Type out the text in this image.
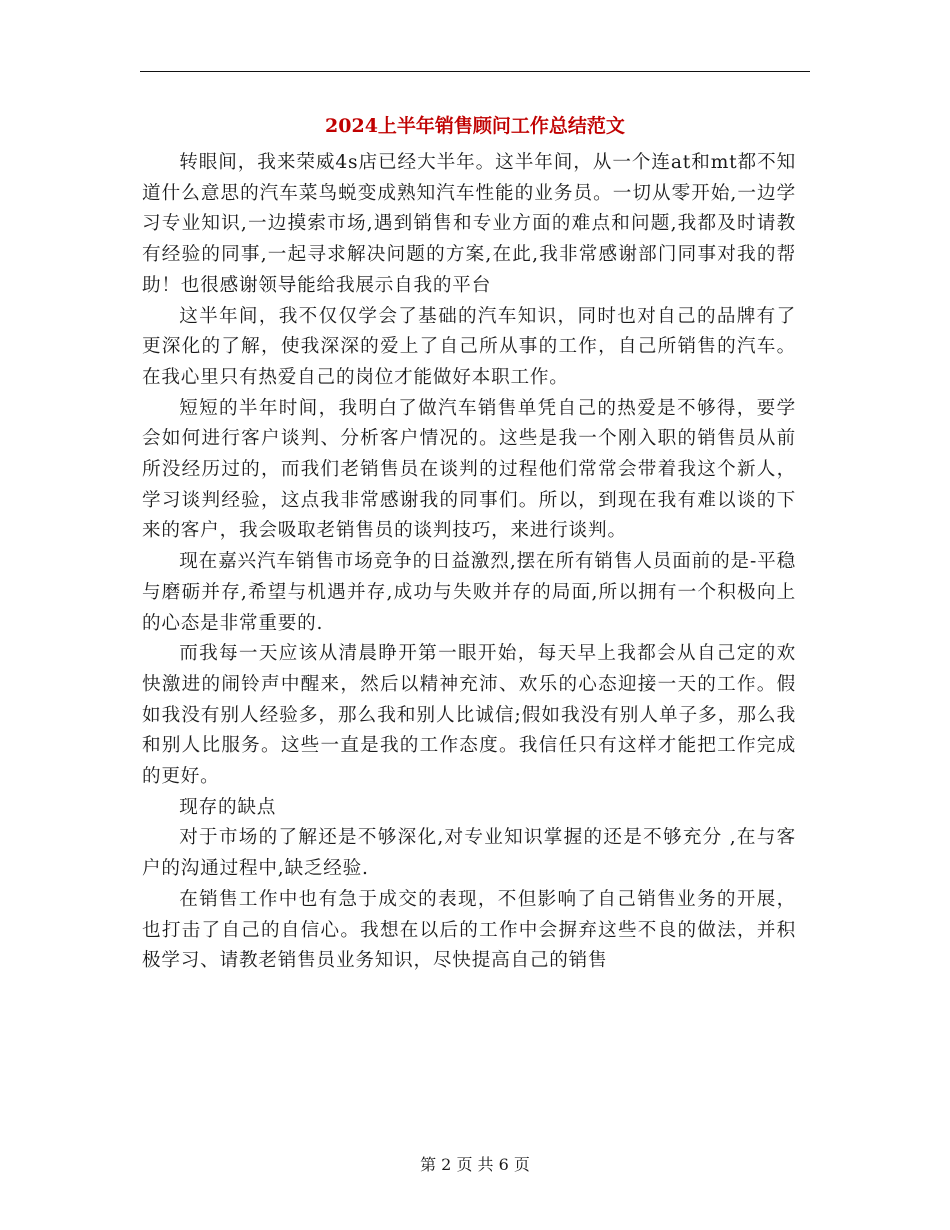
2024上半年销售顾问工作总结范文

转眼间，我来荣威4s店已经大半年。这半年间，从一个连at和mt都不知道什么意思的汽车菜鸟蜕变成熟知汽车性能的业务员。一切从零开始,一边学习专业知识,一边摸索市场,遇到销售和专业方面的难点和问题,我都及时请教有经验的同事,一起寻求解决问题的方案,在此,我非常感谢部门同事对我的帮助！也很感谢领导能给我展示自我的平台

这半年间，我不仅仅学会了基础的汽车知识，同时也对自己的品牌有了更深化的了解，使我深深的爱上了自己所从事的工作，自己所销售的汽车。在我心里只有热爱自己的岗位才能做好本职工作。

短短的半年时间，我明白了做汽车销售单凭自己的热爱是不够得，要学会如何进行客户谈判、分析客户情况的。这些是我一个刚入职的销售员从前所没经历过的，而我们老销售员在谈判的过程他们常常会带着我这个新人，学习谈判经验，这点我非常感谢我的同事们。所以，到现在我有难以谈的下来的客户，我会吸取老销售员的谈判技巧，来进行谈判。

现在嘉兴汽车销售市场竞争的日益激烈,摆在所有销售人员面前的是-平稳与磨砺并存,希望与机遇并存,成功与失败并存的局面,所以拥有一个积极向上的心态是非常重要的.

而我每一天应该从清晨睁开第一眼开始，每天早上我都会从自己定的欢快激进的闹铃声中醒来，然后以精神充沛、欢乐的心态迎接一天的工作。假如我没有别人经验多，那么我和别人比诚信;假如我没有别人单子多，那么我和别人比服务。这些一直是我的工作态度。我信任只有这样才能把工作完成的更好。

现存的缺点

对于市场的了解还是不够深化,对专业知识掌握的还是不够充分 ,在与客户的沟通过程中,缺乏经验.

在销售工作中也有急于成交的表现，不但影响了自己销售业务的开展，也打击了自己的自信心。我想在以后的工作中会摒弃这些不良的做法，并积极学习、请教老销售员业务知识，尽快提高自己的销售

第 2 页 共 6 页
